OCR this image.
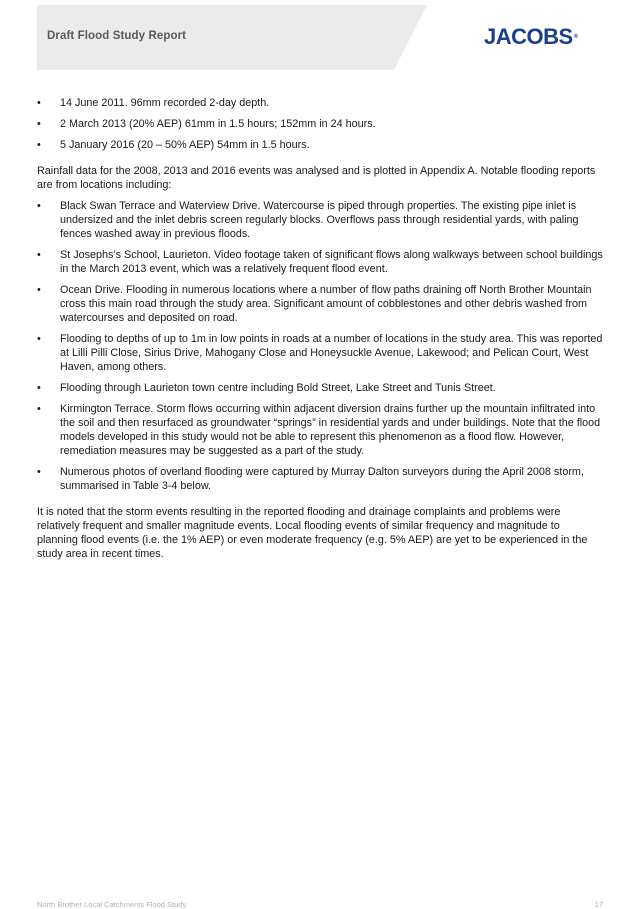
Draft Flood Study Report	JACOBS®
• 14 June 2011. 96mm recorded 2-day depth.
• 2 March 2013 (20% AEP) 61mm in 1.5 hours; 152mm in 24 hours.
• 5 January 2016 (20 – 50% AEP) 54mm in 1.5 hours.

Rainfall data for the 2008, 2013 and 2016 events was analysed and is plotted in Appendix A. Notable flooding reports are from locations including:

• Black Swan Terrace and Waterview Drive. Watercourse is piped through properties. The existing pipe inlet is undersized and the inlet debris screen regularly blocks. Overflows pass through residential yards, with paling fences washed away in previous floods.
• St Josephs’s School, Laurieton. Video footage taken of significant flows along walkways between school buildings in the March 2013 event, which was a relatively frequent flood event.
• Ocean Drive. Flooding in numerous locations where a number of flow paths draining off North Brother Mountain cross this main road through the study area. Significant amount of cobblestones and other debris washed from watercourses and deposited on road.
• Flooding to depths of up to 1m in low points in roads at a number of locations in the study area. This was reported at Lilli Pilli Close, Sirius Drive, Mahogany Close and Honeysuckle Avenue, Lakewood; and Pelican Court, West Haven, among others.
• Flooding through Laurieton town centre including Bold Street, Lake Street and Tunis Street.
• Kirmington Terrace. Storm flows occurring within adjacent diversion drains further up the mountain infiltrated into the soil and then resurfaced as groundwater “springs” in residential yards and under buildings. Note that the flood models developed in this study would not be able to represent this phenomenon as a flood flow. However, remediation measures may be suggested as a part of the study.
• Numerous photos of overland flooding were captured by Murray Dalton surveyors during the April 2008 storm, summarised in Table 3-4 below.

It is noted that the storm events resulting in the reported flooding and drainage complaints and problems were relatively frequent and smaller magnitude events. Local flooding events of similar frequency and magnitude to planning flood events (i.e. the 1% AEP) or even moderate frequency (e.g. 5% AEP) are yet to be experienced in the study area in recent times.

North Brother Local Catchments Flood Study	17
